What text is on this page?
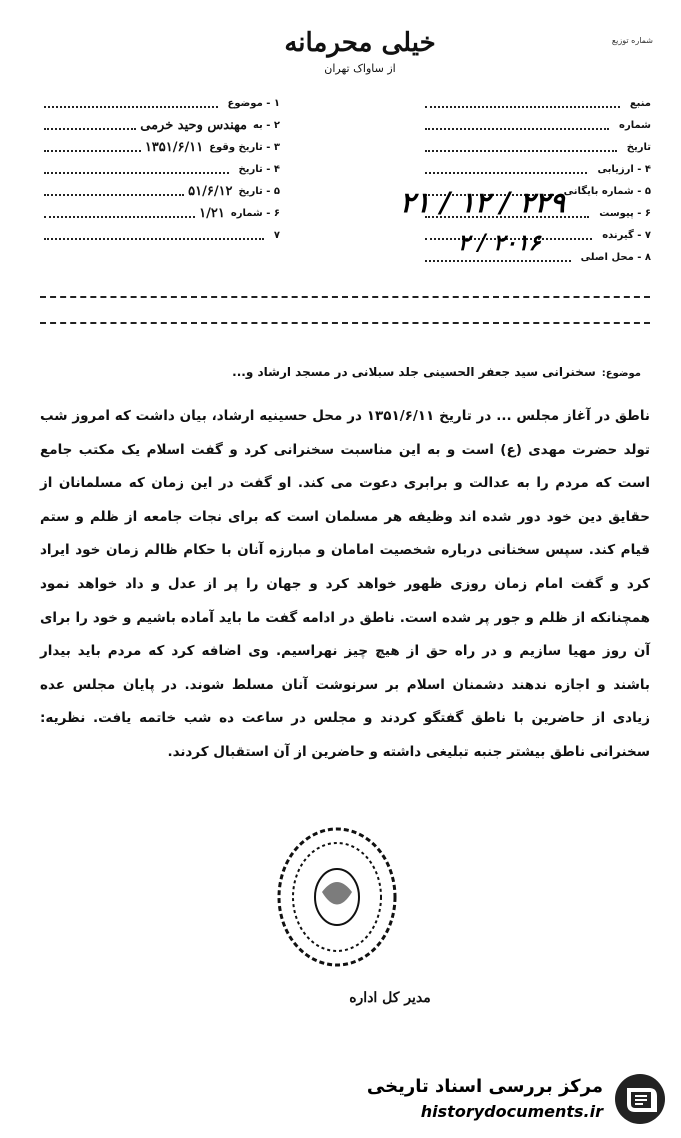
شماره توزیع
خیلی محرمانه
از ساواک تهران
منبع
شماره
تاریخ
۴ - ارزیابی
۵ - شماره بایگانی
۶ - پیوست
۷ - گیرنده
۸ - محل اصلی
۱ - موضوع
۲ - به
مهندس وحید خرمی
۳ - تاریخ وقوع
۱۳۵۱/۶/۱۱
۴ - تاریخ
۵ - تاریخ
۵۱/۶/۱۲
۶ - شماره
۱/۲۱
۷
۲۲۹ / ۱۲ / ۲۱
۲۰۱۶ / ۲
موضوع:سخنرانی سید جعفر الحسینی جلد سبلانی در مسجد ارشاد و...
ناطق در آغاز مجلس ... در تاریخ ۱۳۵۱/۶/۱۱ در محل حسینیه ارشاد، بیان داشت که امروز شب تولد حضرت مهدی (ع) است و به این مناسبت سخنرانی کرد و گفت اسلام یک مکتب جامع است که مردم را به عدالت و برابری دعوت می کند. او گفت در این زمان که مسلمانان از حقایق دین خود دور شده اند وظیفه هر مسلمان است که برای نجات جامعه از ظلم و ستم قیام کند. سپس سخنانی درباره شخصیت امامان و مبارزه آنان با حکام ظالم زمان خود ایراد کرد و گفت امام زمان روزی ظهور خواهد کرد و جهان را پر از عدل و داد خواهد نمود همچنانکه از ظلم و جور پر شده است. ناطق در ادامه گفت ما باید آماده باشیم و خود را برای آن روز مهیا سازیم و در راه حق از هیچ چیز نهراسیم. وی اضافه کرد که مردم باید بیدار باشند و اجازه ندهند دشمنان اسلام بر سرنوشت آنان مسلط شوند. در پایان مجلس عده زیادی از حاضرین با ناطق گفتگو کردند و مجلس در ساعت ده شب خاتمه یافت. نظریه: سخنرانی ناطق بیشتر جنبه تبلیغی داشته و حاضرین از آن استقبال کردند.
مدیر کل اداره
مرکز بررسی اسناد تاریخی
historydocuments.ir
